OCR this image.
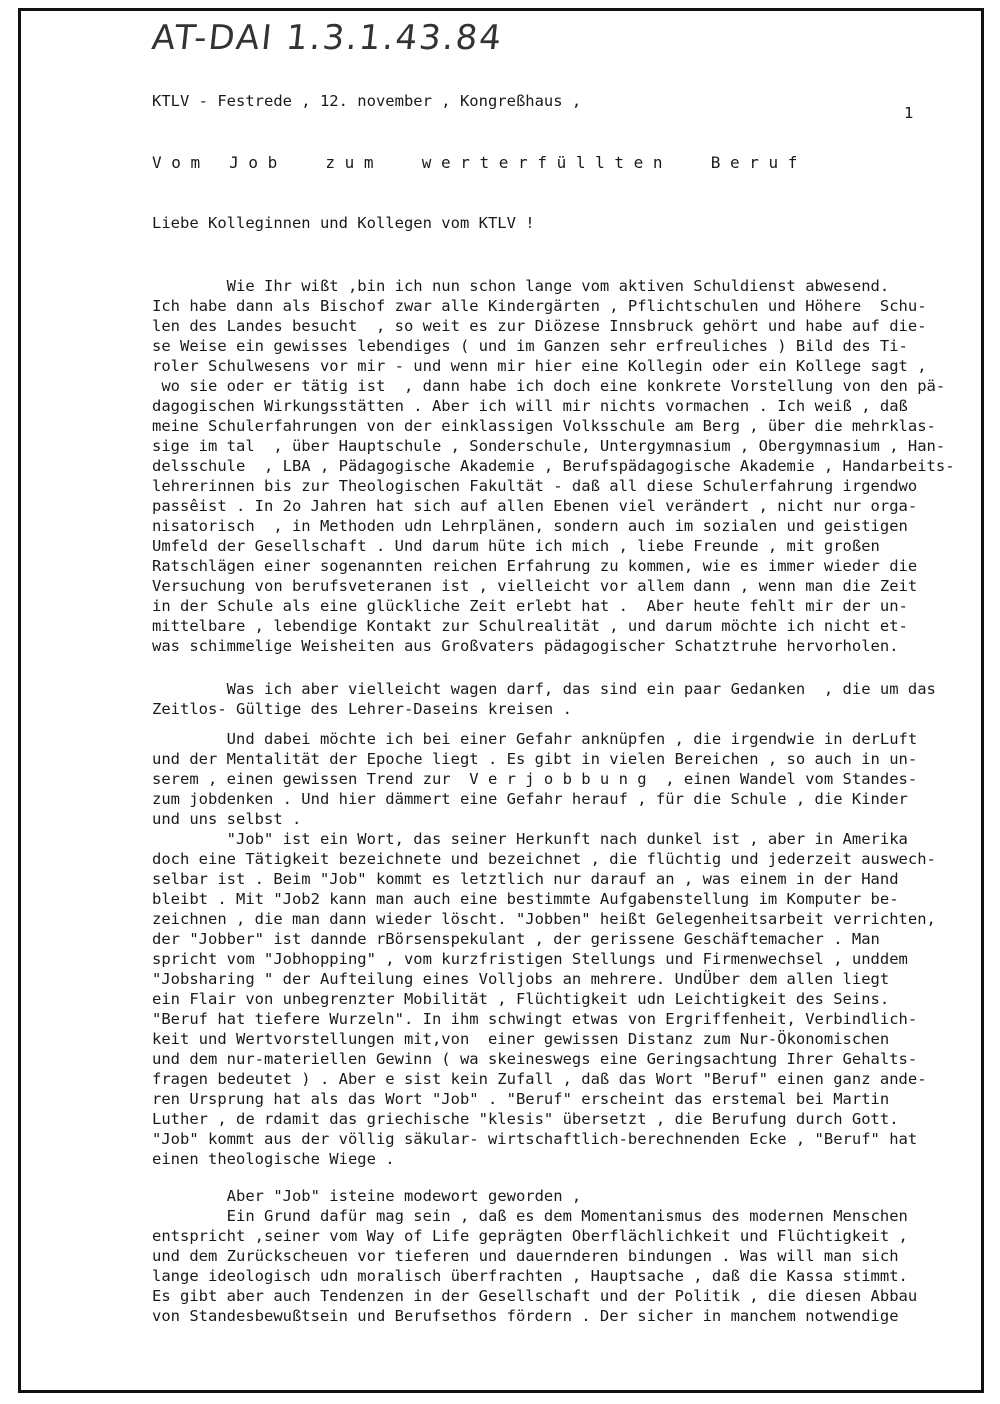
AT-DAI 1.3.1.43.84
KTLV - Festrede , 12. november , Kongreßhaus ,
1
V o m   J o b     z u m     w e r t e r f ü l l t e n     B e r u f
Liebe Kolleginnen und Kollegen vom KTLV !

Wie Ihr wißt ,bin ich nun schon lange vom aktiven Schuldienst abwesend.
Ich habe dann als Bischof zwar alle Kindergärten , Pflichtschulen und Höhere  Schu-
len des Landes besucht  , so weit es zur Diözese Innsbruck gehört und habe auf die-
se Weise ein gewisses lebendiges ( und im Ganzen sehr erfreuliches ) Bild des Ti-
roler Schulwesens vor mir - und wenn mir hier eine Kollegin oder ein Kollege sagt ,
wo sie oder er tätig ist  , dann habe ich doch eine konkrete Vorstellung von den pä-
dagogischen Wirkungsstätten . Aber ich will mir nichts vormachen . Ich weiß , daß
meine Schulerfahrungen von der einklassigen Volksschule am Berg , über die mehrklas-
sige im tal  , über Hauptschule , Sonderschule, Untergymnasium , Obergymnasium , Han-
delsschule  , LBA , Pädagogische Akademie , Berufspädagogische Akademie , Handarbeits-
lehrerinnen bis zur Theologischen Fakultät - daß all diese Schulerfahrung irgendwo
passêist . In 2o Jahren hat sich auf allen Ebenen viel verändert , nicht nur orga-
nisatorisch  , in Methoden udn Lehrplänen, sondern auch im sozialen und geistigen
Umfeld der Gesellschaft . Und darum hüte ich mich , liebe Freunde , mit großen
Ratschlägen einer sogenannten reichen Erfahrung zu kommen, wie es immer wieder die
Versuchung von berufsveteranen ist , vielleicht vor allem dann , wenn man die Zeit
in der Schule als eine glückliche Zeit erlebt hat .  Aber heute fehlt mir der un-
mittelbare , lebendige Kontakt zur Schulrealität , und darum möchte ich nicht et-
was schimmelige Weisheiten aus Großvaters pädagogischer Schatztruhe hervorholen.

Was ich aber vielleicht wagen darf, das sind ein paar Gedanken  , die um das
Zeitlos- Gültige des Lehrer-Daseins kreisen .

Und dabei möchte ich bei einer Gefahr anknüpfen , die irgendwie in derLuft
und der Mentalität der Epoche liegt . Es gibt in vielen Bereichen , so auch in un-
serem , einen gewissen Trend zur  V e r j o b b u n g  , einen Wandel vom Standes-
zum jobdenken . Und hier dämmert eine Gefahr herauf , für die Schule , die Kinder
und uns selbst .
"Job" ist ein Wort, das seiner Herkunft nach dunkel ist , aber in Amerika
doch eine Tätigkeit bezeichnete und bezeichnet , die flüchtig und jederzeit auswech-
selbar ist . Beim "Job" kommt es letztlich nur darauf an , was einem in der Hand
bleibt . Mit "Job2 kann man auch eine bestimmte Aufgabenstellung im Komputer be-
zeichnen , die man dann wieder löscht. "Jobben" heißt Gelegenheitsarbeit verrichten,
der "Jobber" ist dannde rBörsenspekulant , der gerissene Geschäftemacher . Man
spricht vom "Jobhopping" , vom kurzfristigen Stellungs und Firmenwechsel , unddem
"Jobsharing " der Aufteilung eines Volljobs an mehrere. UndÜber dem allen liegt
ein Flair von unbegrenzter Mobilität , Flüchtigkeit udn Leichtigkeit des Seins.
"Beruf hat tiefere Wurzeln". In ihm schwingt etwas von Ergriffenheit, Verbindlich-
keit und Wertvorstellungen mit,von  einer gewissen Distanz zum Nur-Ökonomischen
und dem nur-materiellen Gewinn ( wa skeineswegs eine Geringsachtung Ihrer Gehalts-
fragen bedeutet ) . Aber e sist kein Zufall , daß das Wort "Beruf" einen ganz ande-
ren Ursprung hat als das Wort "Job" . "Beruf" erscheint das erstemal bei Martin
Luther , de rdamit das griechische "klesis" übersetzt , die Berufung durch Gott.
"Job" kommt aus der völlig säkular- wirtschaftlich-berechnenden Ecke , "Beruf" hat
einen theologische Wiege .

Aber "Job" isteine modewort geworden ,
Ein Grund dafür mag sein , daß es dem Momentanismus des modernen Menschen
entspricht ,seiner vom Way of Life geprägten Oberflächlichkeit und Flüchtigkeit ,
und dem Zurückscheuen vor tieferen und dauernderen bindungen . Was will man sich
lange ideologisch udn moralisch überfrachten , Hauptsache , daß die Kassa stimmt.
Es gibt aber auch Tendenzen in der Gesellschaft und der Politik , die diesen Abbau
von Standesbewußtsein und Berufsethos fördern . Der sicher in manchem notwendige
